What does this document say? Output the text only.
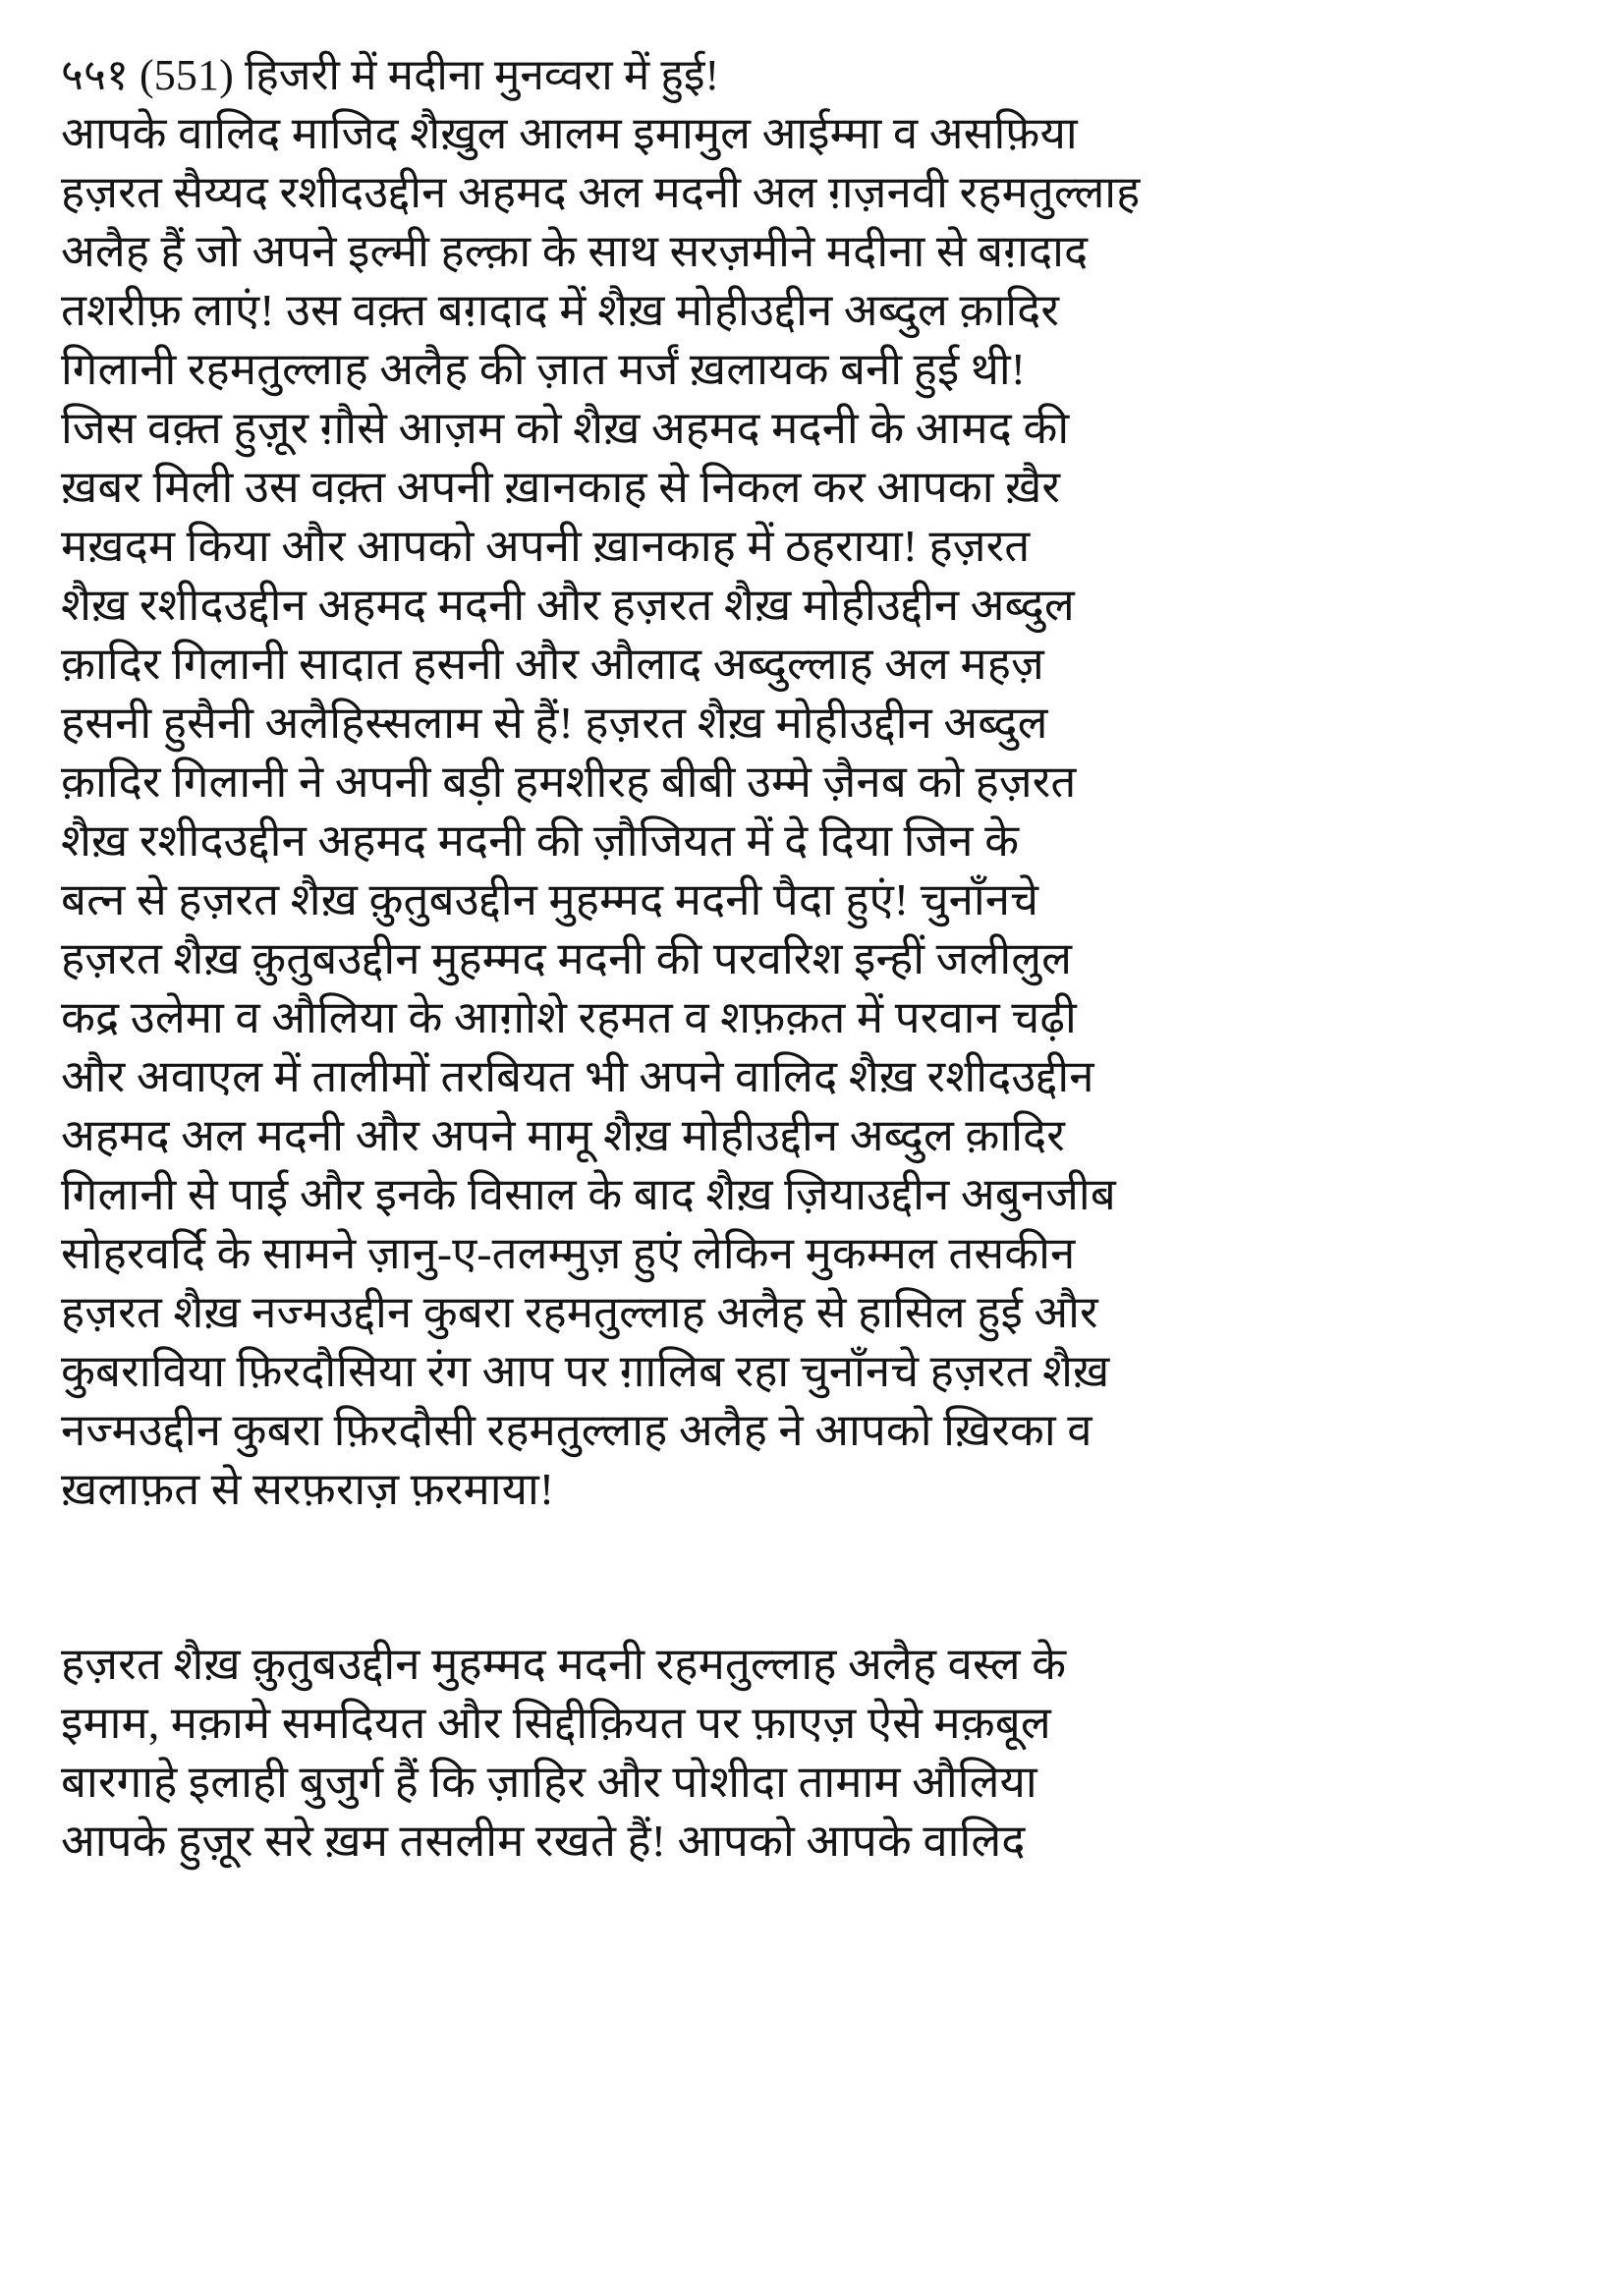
५५१ (551) हिजरी में मदीना मुनव्वरा में हुई!
आपके वालिद माजिद शैख़ुल आलम इमामुल आईम्मा व असफ़िया
हज़रत सैय्यद रशीदउद्दीन अहमद अल मदनी अल ग़ज़नवी रहमतुल्लाह
अलैह हैं जो अपने इल्मी हल्क़ा के साथ सरज़मीने मदीना से बग़दाद
तशरीफ़ लाएं! उस वक़्त बग़दाद में शैख़ मोहीउद्दीन अब्दुल क़ादिर
गिलानी रहमतुल्लाह अलैह की ज़ात मर्जं ख़लायक बनी हुई थी!
जिस वक़्त हुज़ूर ग़ौसे आज़म को शैख़ अहमद मदनी के आमद की
ख़बर मिली उस वक़्त अपनी ख़ानकाह से निकल कर आपका ख़ैर
मख़दम किया और आपको अपनी ख़ानकाह में ठहराया! हज़रत
शैख़ रशीदउद्दीन अहमद मदनी और हज़रत शैख़ मोहीउद्दीन अब्दुल
क़ादिर गिलानी सादात हसनी और औलाद अब्दुल्लाह अल महज़
हसनी हुसैनी अलैहिस्सलाम से हैं! हज़रत शैख़ मोहीउद्दीन अब्दुल
क़ादिर गिलानी ने अपनी बड़ी हमशीरह बीबी उम्मे ज़ैनब को हज़रत
शैख़ रशीदउद्दीन अहमद मदनी की ज़ौजियत में दे दिया जिन के
बत्न से हज़रत शैख़ क़ुतुबउद्दीन मुहम्मद मदनी पैदा हुएं! चुनाँनचे
हज़रत शैख़ क़ुतुबउद्दीन मुहम्मद मदनी की परवरिश इन्हीं जलीलुल
कद्र उलेमा व औलिया के आग़ोशे रहमत व शफ़क़त में परवान चढ़ी
और अवाएल में तालीमों तरबियत भी अपने वालिद शैख़ रशीदउद्दीन
अहमद अल मदनी और अपने मामू शैख़ मोहीउद्दीन अब्दुल क़ादिर
गिलानी से पाई और इनके विसाल के बाद शैख़ ज़ियाउद्दीन अबुनजीब
सोहरवर्दि के सामने ज़ानु-ए-तलम्मुज़ हुएं लेकिन मुकम्मल तसकीन
हज़रत शैख़ नज्मउद्दीन कुबरा रहमतुल्लाह अलैह से हासिल हुई और
कुबराविया फ़िरदौसिया रंग आप पर ग़ालिब रहा चुनाँनचे हज़रत शैख़
नज्मउद्दीन कुबरा फ़िरदौसी रहमतुल्लाह अलैह ने आपको ख़िरका व
ख़लाफ़त से सरफ़राज़ फ़रमाया!
हज़रत शैख़ क़ुतुबउद्दीन मुहम्मद मदनी रहमतुल्लाह अलैह वस्ल के
इमाम, मक़ामे समदियत और सिद्दीक़ियत पर फ़ाएज़ ऐसे मक़बूल
बारगाहे इलाही बुजुर्ग हैं कि ज़ाहिर और पोशीदा तामाम औलिया
आपके हुज़ूर सरे ख़म तसलीम रखते हैं! आपको आपके वालिद
